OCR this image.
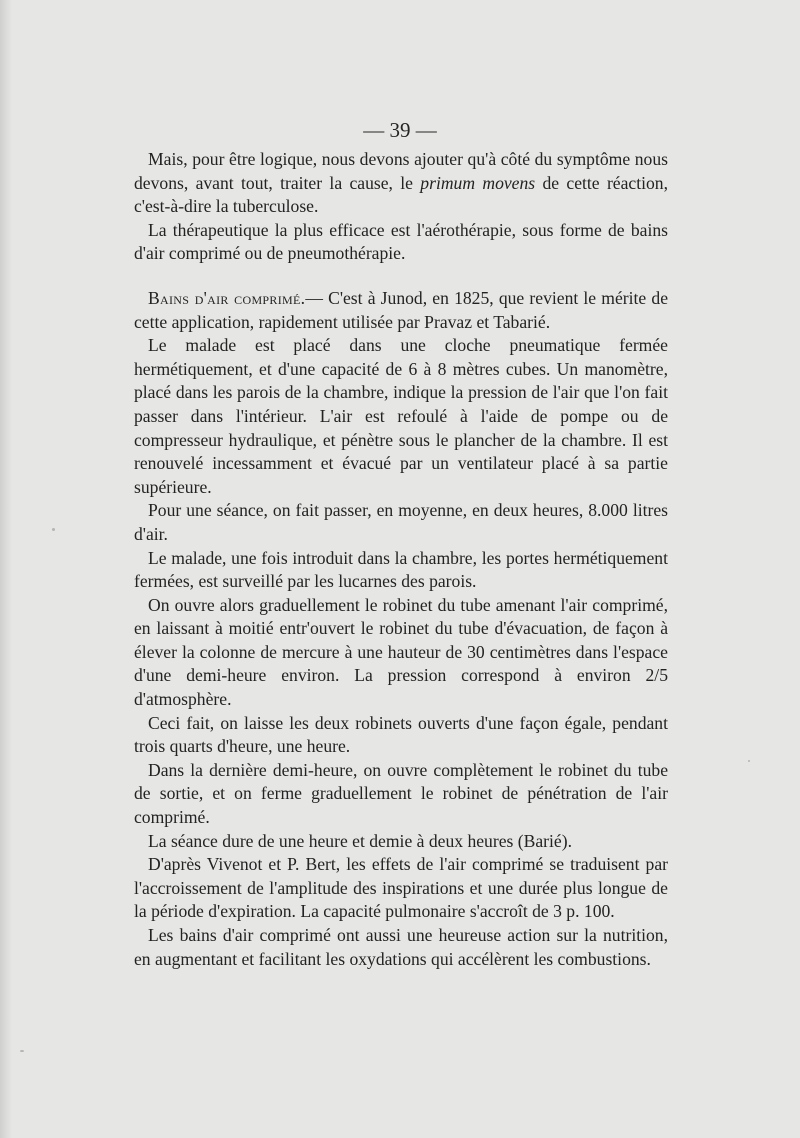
— 39 —

Mais, pour être logique, nous devons ajouter qu'à côté du symptôme nous devons, avant tout, traiter la cause, le primum movens de cette réaction, c'est-à-dire la tuberculose.

La thérapeutique la plus efficace est l'aérothérapie, sous forme de bains d'air comprimé ou de pneumothérapie.

Bains d'air comprimé.— C'est à Junod, en 1825, que revient le mérite de cette application, rapidement utilisée par Pravaz et Tabarié.

Le malade est placé dans une cloche pneumatique fermée hermétiquement, et d'une capacité de 6 à 8 mètres cubes. Un manomètre, placé dans les parois de la chambre, indique la pression de l'air que l'on fait passer dans l'intérieur. L'air est refoulé à l'aide de pompe ou de compresseur hydraulique, et pénètre sous le plancher de la chambre. Il est renouvelé incessamment et évacué par un ventilateur placé à sa partie supérieure.

Pour une séance, on fait passer, en moyenne, en deux heures, 8.000 litres d'air.

Le malade, une fois introduit dans la chambre, les portes hermétiquement fermées, est surveillé par les lucarnes des parois.

On ouvre alors graduellement le robinet du tube amenant l'air comprimé, en laissant à moitié entr'ouvert le robinet du tube d'évacuation, de façon à élever la colonne de mercure à une hauteur de 30 centimètres dans l'espace d'une demi-heure environ. La pression correspond à environ 2/5 d'atmosphère.

Ceci fait, on laisse les deux robinets ouverts d'une façon égale, pendant trois quarts d'heure, une heure.

Dans la dernière demi-heure, on ouvre complètement le robinet du tube de sortie, et on ferme graduellement le robinet de pénétration de l'air comprimé.

La séance dure de une heure et demie à deux heures (Barié).

D'après Vivenot et P. Bert, les effets de l'air comprimé se traduisent par l'accroissement de l'amplitude des inspirations et une durée plus longue de la période d'expiration. La capacité pulmonaire s'accroît de 3 p. 100.

Les bains d'air comprimé ont aussi une heureuse action sur la nutrition, en augmentant et facilitant les oxydations qui accélèrent les combustions.
